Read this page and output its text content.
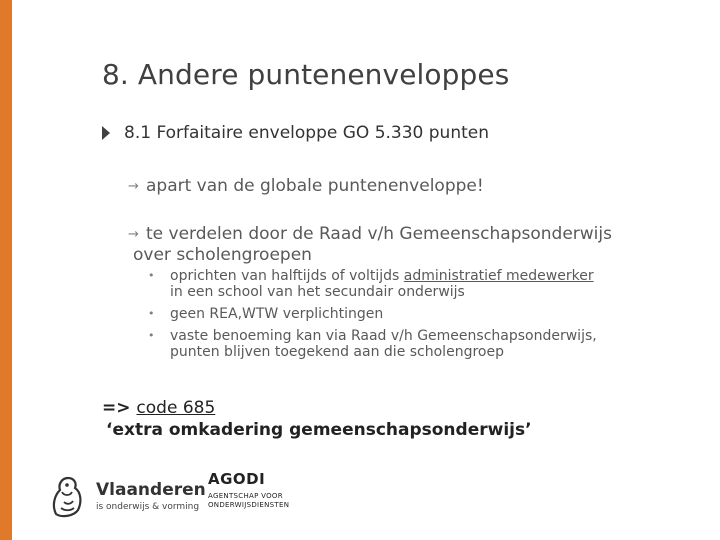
8. Andere puntenenveloppes
8.1 Forfaitaire enveloppe GO 5.330 punten
→ apart van de globale puntenenveloppe!
→ te verdelen door de Raad v/h Gemeenschapsonderwijs
over scholengroepen
• oprichten van halftijds of voltijds administratief medewerker
in een school van het secundair onderwijs
• geen REA,WTW verplichtingen
• vaste benoeming kan via Raad v/h Gemeenschapsonderwijs,
punten blijven toegekend aan die scholengroep
=> code 685
‘extra omkadering gemeenschapsonderwijs’
Vlaanderen
is onderwijs & vorming
AGODI
AGENTSCHAP VOOR
ONDERWIJSDIENSTEN
